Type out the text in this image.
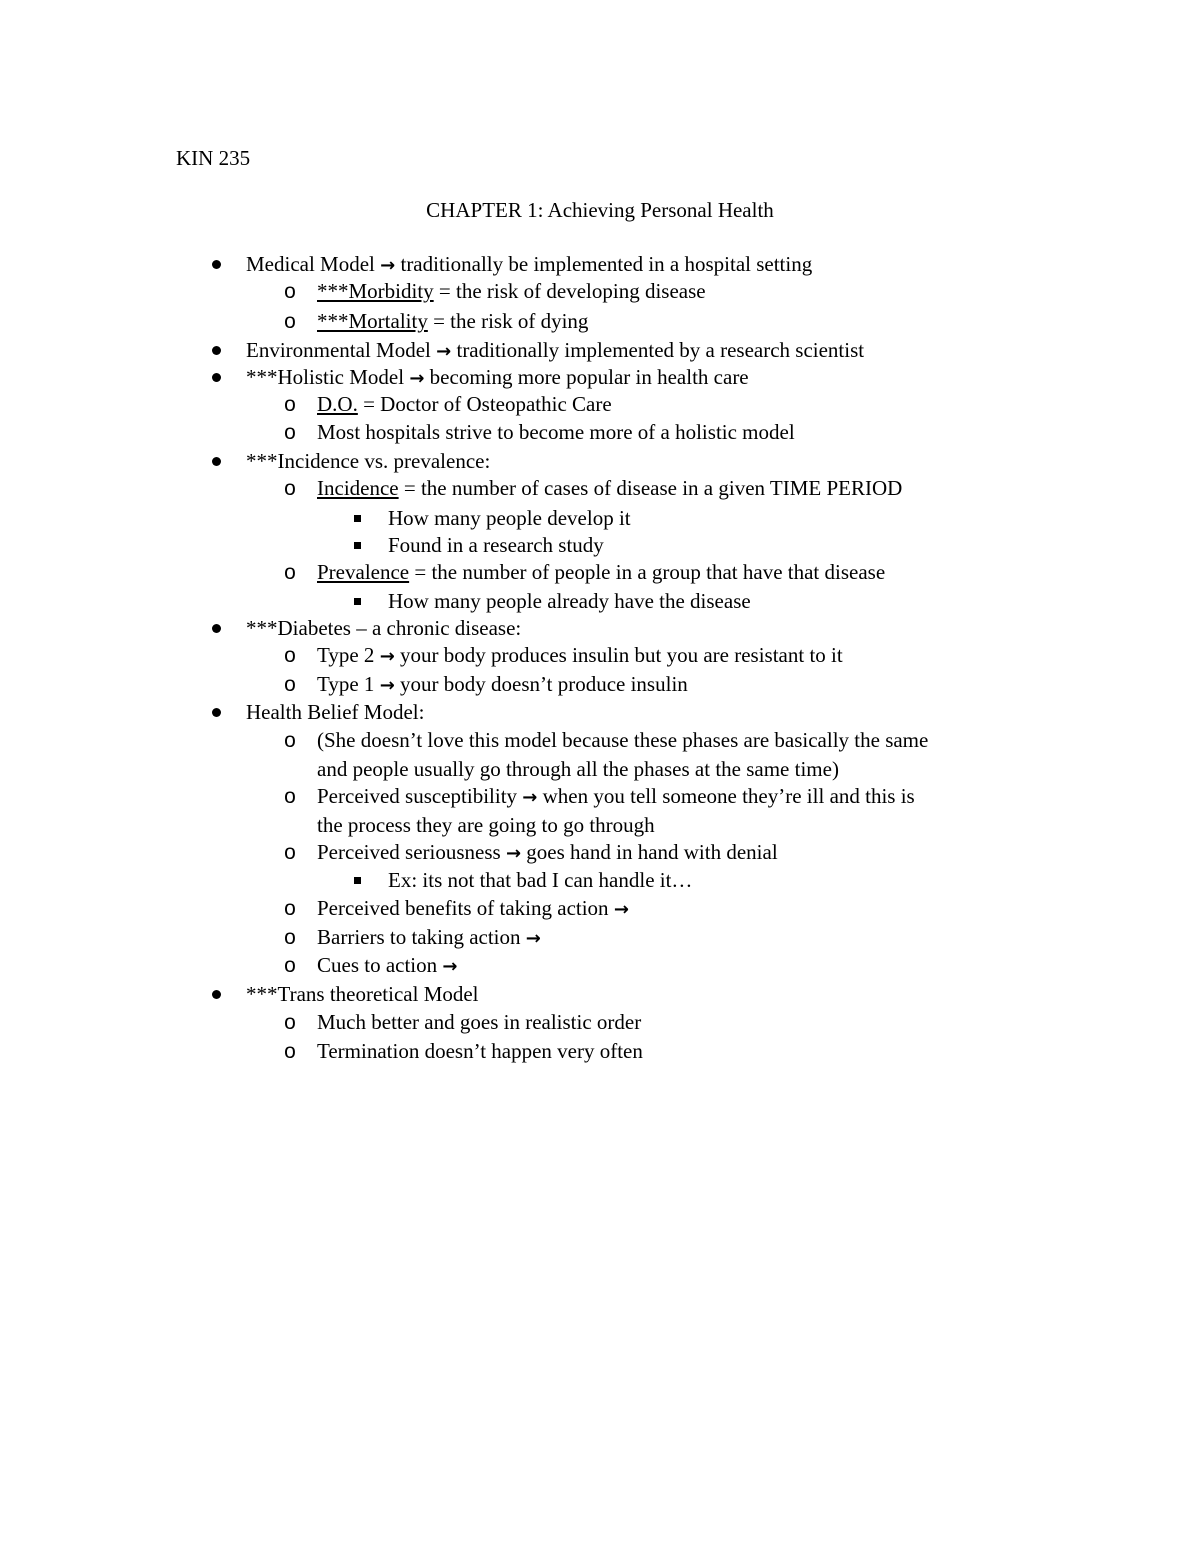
KIN 235
CHAPTER 1: Achieving Personal Health
Medical Model → traditionally be implemented in a hospital setting
o ***Morbidity = the risk of developing disease
o ***Mortality = the risk of dying
Environmental Model → traditionally implemented by a research scientist
***Holistic Model → becoming more popular in health care
o D.O. = Doctor of Osteopathic Care
o Most hospitals strive to become more of a holistic model
***Incidence vs. prevalence:
o Incidence = the number of cases of disease in a given TIME PERIOD
How many people develop it
Found in a research study
o Prevalence = the number of people in a group that have that disease
How many people already have the disease
***Diabetes – a chronic disease:
o Type 2 → your body produces insulin but you are resistant to it
o Type 1 → your body doesn’t produce insulin
Health Belief Model:
o (She doesn’t love this model because these phases are basically the same
and people usually go through all the phases at the same time)
o Perceived susceptibility → when you tell someone they’re ill and this is
the process they are going to go through
o Perceived seriousness → goes hand in hand with denial
Ex: its not that bad I can handle it…
o Perceived benefits of taking action →
o Barriers to taking action →
o Cues to action →
***Trans theoretical Model
o Much better and goes in realistic order
o Termination doesn’t happen very often
